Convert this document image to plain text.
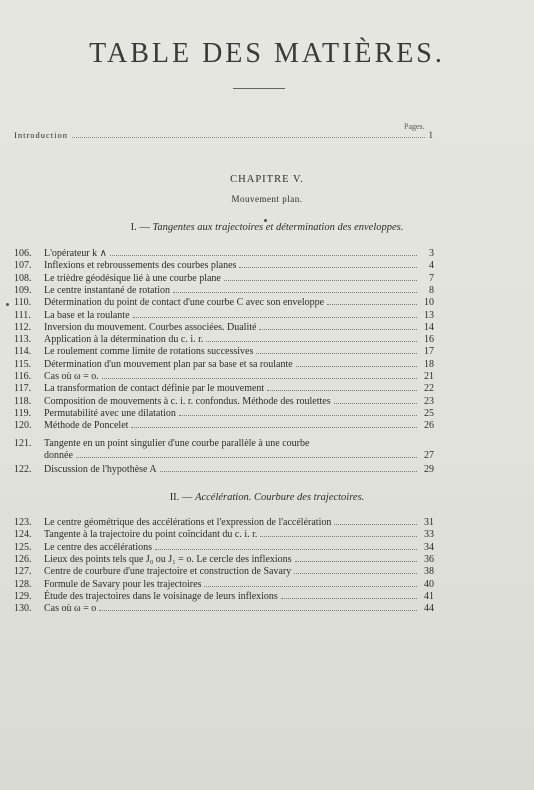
TABLE DES MATIÈRES.
Pages.
Introduction	1
CHAPITRE V.
Mouvement plan.
I. — Tangentes aux trajectoires et détermination des enveloppes.
106.	L'opérateur k ∧	3
107.	Inflexions et rebroussements des courbes planes	4
108.	Le trièdre géodésique lié à une courbe plane	7
109.	Le centre instantané de rotation	8
110.	Détermination du point de contact d'une courbe C avec son enveloppe	10
111.	La base et la roulante	13
112.	Inversion du mouvement. Courbes associées. Dualité	14
113.	Application à la détermination du c. i. r.	16
114.	Le roulement comme limite de rotations successives	17
115.	Détermination d'un mouvement plan par sa base et sa roulante	18
116.	Cas où ω = o.	21
117.	La transformation de contact définie par le mouvement	22
118.	Composition de mouvements à c. i. r. confondus. Méthode des roulettes	23
119.	Permutabilité avec une dilatation	25
120.	Méthode de Poncelet	26
121.	Tangente en un point singulier d'une courbe parallèle à une courbe
donnée	27
122.	Discussion de l'hypothèse A	29
II. — Accélération. Courbure des trajectoires.
123.	Le centre géométrique des accélérations et l'expression de l'accélération	31
124.	Tangente à la trajectoire du point coïncidant du c. i. r.	33
125.	Le centre des accélérations	34
126.	Lieux des points tels que J₀ ou J₁ = o. Le cercle des inflexions	36
127.	Centre de courbure d'une trajectoire et construction de Savary	38
128.	Formule de Savary pour les trajectoires	40
129.	Étude des trajectoires dans le voisinage de leurs inflexions	41
130.	Cas où ω = o	44
